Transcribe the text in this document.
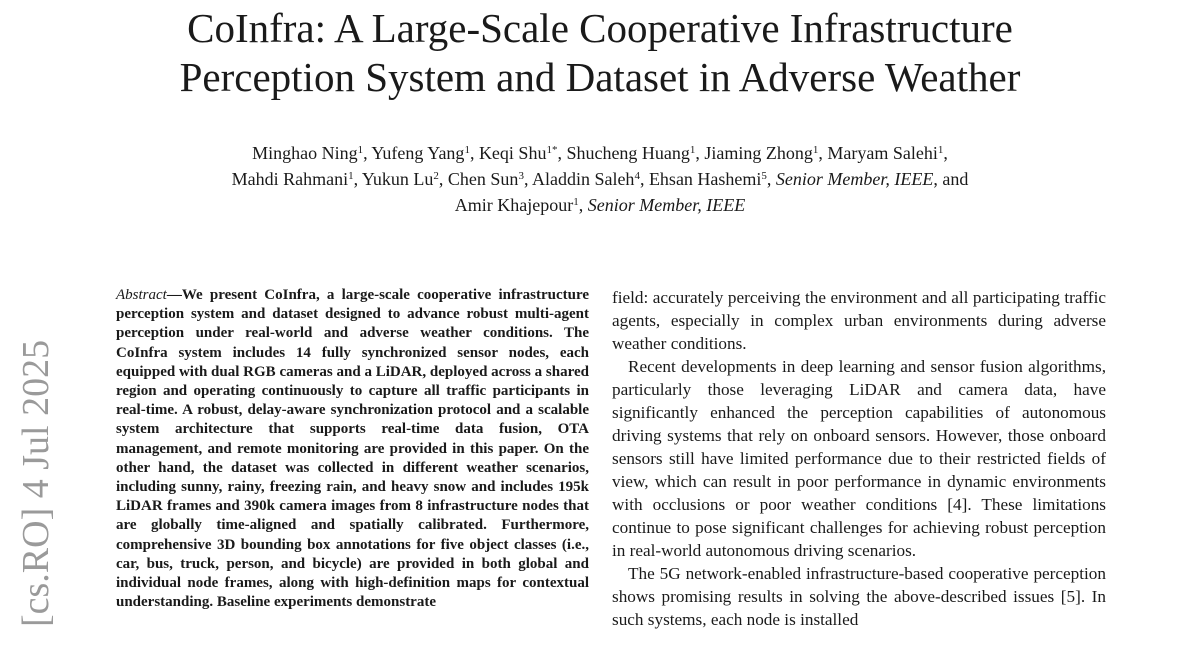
CoInfra: A Large-Scale Cooperative Infrastructure
Perception System and Dataset in Adverse Weather
Minghao Ning$^1$, Yufeng Yang$^1$, Keqi Shu$^{1*}$, Shucheng Huang$^1$, Jiaming Zhong$^1$, Maryam Salehi$^1$,
Mahdi Rahmani$^1$, Yukun Lu$^2$, Chen Sun$^3$, Aladdin Saleh$^4$, Ehsan Hashemi$^5$, Senior Member, IEEE, and
Amir Khajepour$^1$, Senior Member, IEEE
[cs.RO] 4 Jul 2025
Abstract—We present CoInfra, a large-scale cooperative infrastructure perception system and dataset designed to advance robust multi-agent perception under real-world and adverse weather conditions. The CoInfra system includes 14 fully synchronized sensor nodes, each equipped with dual RGB cameras and a LiDAR, deployed across a shared region and operating continuously to capture all traffic participants in real-time. A robust, delay-aware synchronization protocol and a scalable system architecture that supports real-time data fusion, OTA management, and remote monitoring are provided in this paper. On the other hand, the dataset was collected in different weather scenarios, including sunny, rainy, freezing rain, and heavy snow and includes 195k LiDAR frames and 390k camera images from 8 infrastructure nodes that are globally time-aligned and spatially calibrated. Furthermore, comprehensive 3D bounding box annotations for five object classes (i.e., car, bus, truck, person, and bicycle) are provided in both global and individual node frames, along with high-definition maps for contextual understanding. Baseline experiments demonstrate

field: accurately perceiving the environment and all participating traffic agents, especially in complex urban environments during adverse weather conditions.

Recent developments in deep learning and sensor fusion algorithms, particularly those leveraging LiDAR and camera data, have significantly enhanced the perception capabilities of autonomous driving systems that rely on onboard sensors. However, those onboard sensors still have limited performance due to their restricted fields of view, which can result in poor performance in dynamic environments with occlusions or poor weather conditions [4]. These limitations continue to pose significant challenges for achieving robust perception in real-world autonomous driving scenarios.

The 5G network-enabled infrastructure-based cooperative perception shows promising results in solving the above-described issues [5]. In such systems, each node is installed
